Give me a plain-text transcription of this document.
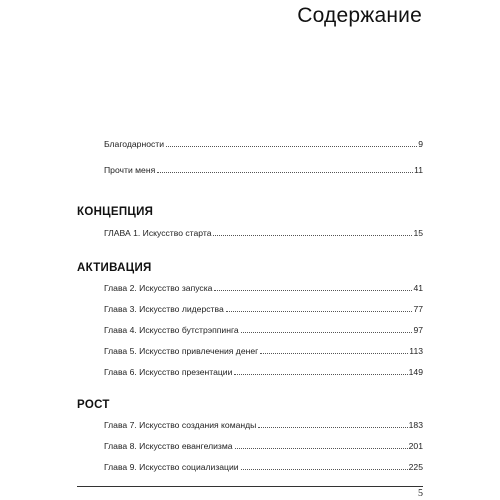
Содержание
Благодарности	9
Прочти меня	11
КОНЦЕПЦИЯ
ГЛАВА 1. Искусство старта	15
АКТИВАЦИЯ
Глава 2. Искусство запуска	41
Глава 3. Искусство лидерства	77
Глава 4. Искусство бутстрэппинга	97
Глава 5. Искусство привлечения денег	113
Глава 6. Искусство презентации	149
РОСТ
Глава 7. Искусство создания команды	183
Глава 8. Искусство евангелизма	201
Глава 9. Искусство социализации	225
5
